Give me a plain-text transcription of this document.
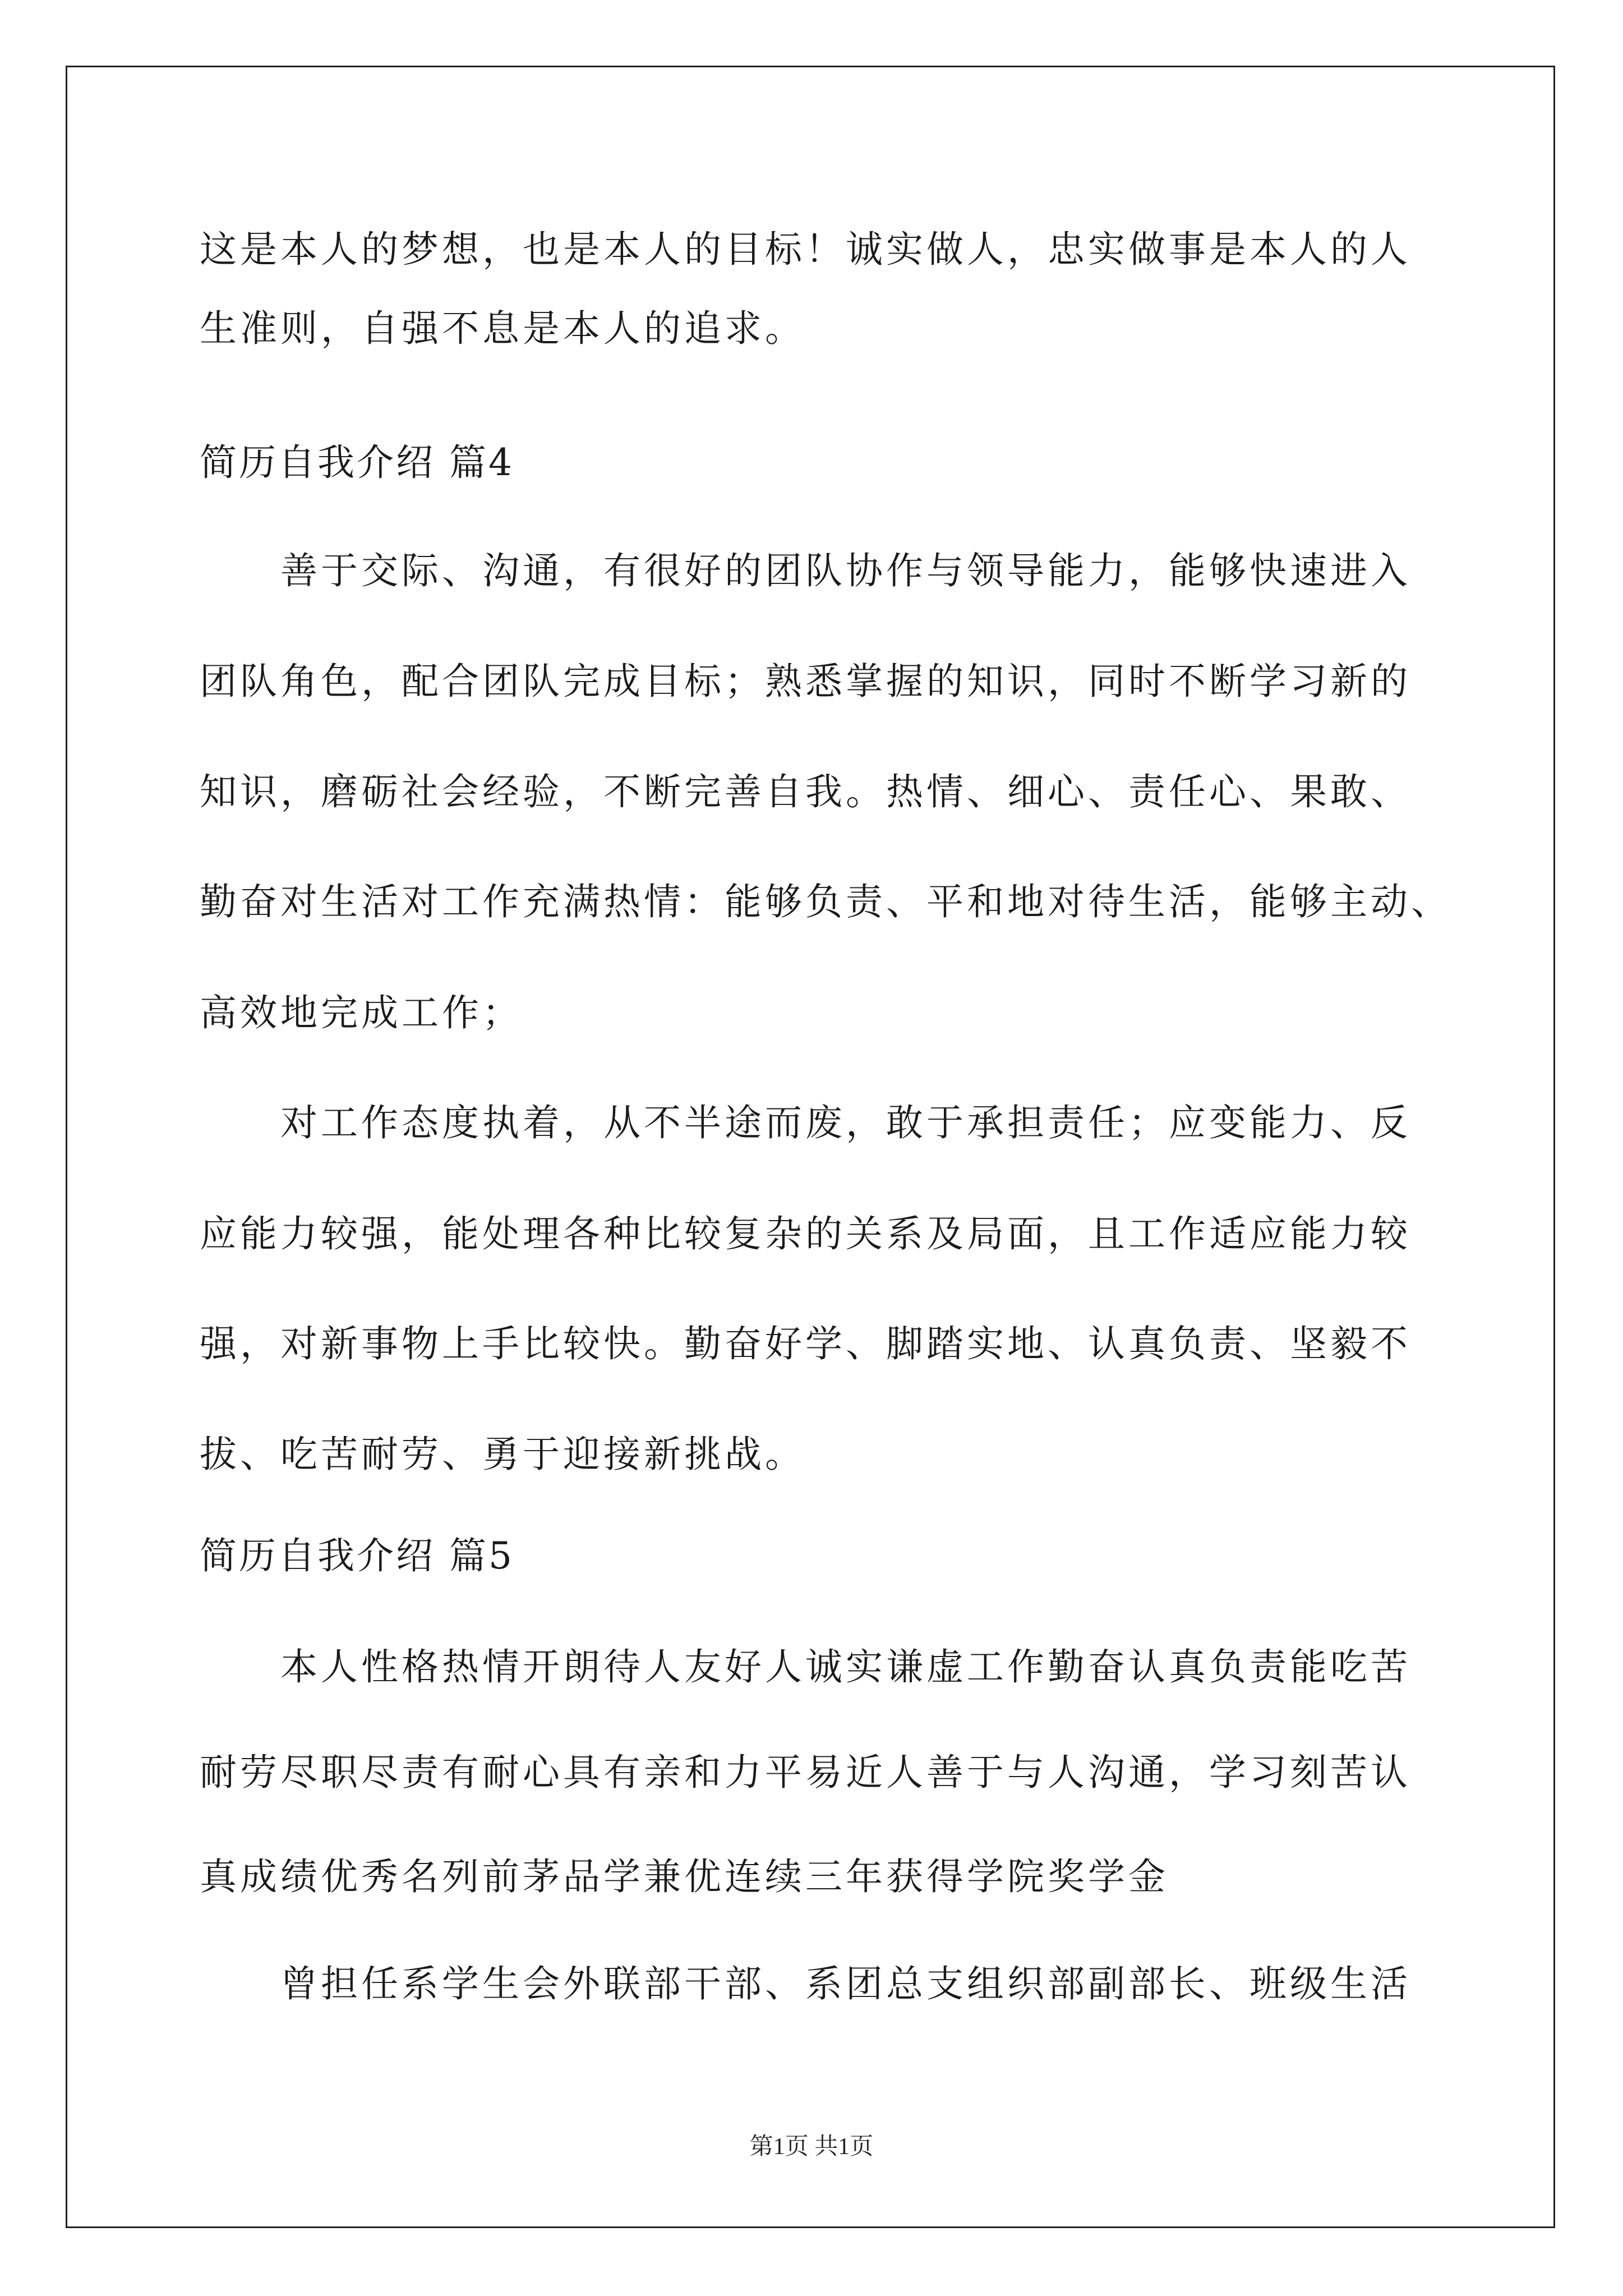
这是本人的梦想，也是本人的目标！诚实做人，忠实做事是本人的人
生准则，自强不息是本人的追求。
简历自我介绍 篇4
善于交际、沟通，有很好的团队协作与领导能力，能够快速进入
团队角色，配合团队完成目标；熟悉掌握的知识，同时不断学习新的
知识，磨砺社会经验，不断完善自我。热情、细心、责任心、果敢、
勤奋对生活对工作充满热情：能够负责、平和地对待生活，能够主动、
高效地完成工作；
对工作态度执着，从不半途而废，敢于承担责任；应变能力、反
应能力较强，能处理各种比较复杂的关系及局面，且工作适应能力较
强，对新事物上手比较快。勤奋好学、脚踏实地、认真负责、坚毅不
拔、吃苦耐劳、勇于迎接新挑战。
简历自我介绍 篇5
本人性格热情开朗待人友好人诚实谦虚工作勤奋认真负责能吃苦
耐劳尽职尽责有耐心具有亲和力平易近人善于与人沟通，学习刻苦认
真成绩优秀名列前茅品学兼优连续三年获得学院奖学金
曾担任系学生会外联部干部、系团总支组织部副部长、班级生活
第1页 共1页
